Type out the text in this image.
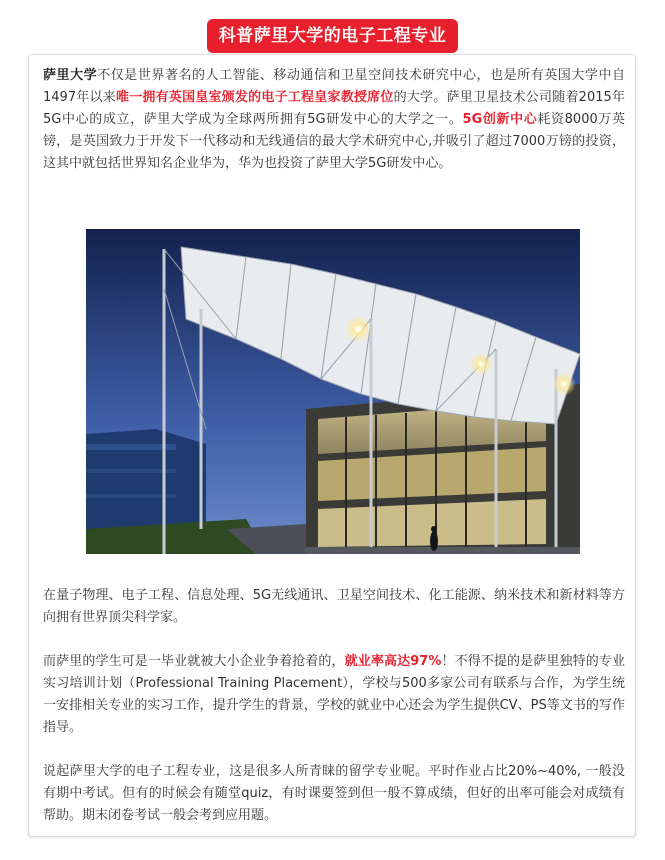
科普萨里大学的电子工程专业

萨里大学不仅是世界著名的人工智能、移动通信和卫星空间技术研究中心，也是所有英国大学中自1497年以来唯一拥有英国皇室颁发的电子工程皇家教授席位的大学。萨里卫星技术公司随着2015年5G中心的成立，萨里大学成为全球两所拥有5G研发中心的大学之一。5G创新中心耗资8000万英镑，是英国致力于开发下一代移动和无线通信的最大学术研究中心,并吸引了超过7000万镑的投资，这其中就包括世界知名企业华为，华为也投资了萨里大学5G研发中心。

在量子物理、电子工程、信息处理、5G无线通讯、卫星空间技术、化工能源、纳米技术和新材料等方向拥有世界顶尖科学家。

而萨里的学生可是一毕业就被大小企业争着抢着的，就业率高达97%！不得不提的是萨里独特的专业实习培训计划（Professional Training Placement），学校与500多家公司有联系与合作，为学生统一安排相关专业的实习工作，提升学生的背景，学校的就业中心还会为学生提供CV、PS等文书的写作指导。

说起萨里大学的电子工程专业，这是很多人所青睐的留学专业呢。平时作业占比20%~40%, 一般没有期中考试。但有的时候会有随堂quiz，有时课要签到但一般不算成绩，但好的出率可能会对成绩有帮助。期末闭卷考试一般会考到应用题。
